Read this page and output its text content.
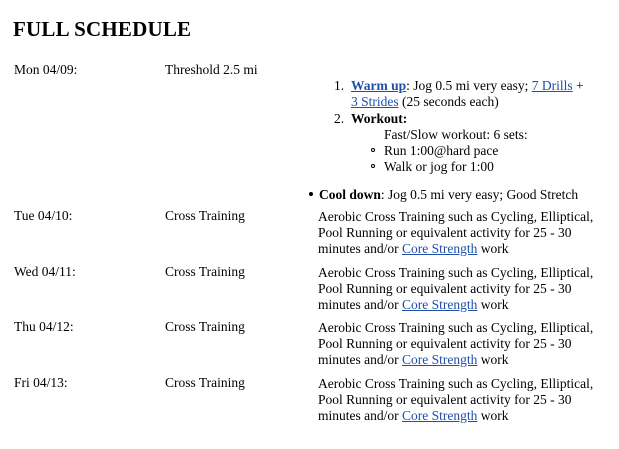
FULL SCHEDULE
Mon 04/09:	Threshold 2.5 mi
1. Warm up: Jog 0.5 mi very easy; 7 Drills +
3 Strides (25 seconds each)
2. Workout:
Fast/Slow workout: 6 sets:
Run 1:00@hard pace
Walk or jog for 1:00
Cool down: Jog 0.5 mi very easy; Good Stretch
Tue 04/10:	Cross Training	Aerobic Cross Training such as Cycling, Elliptical,
Pool Running or equivalent activity for 25 - 30
minutes and/or Core Strength work
Wed 04/11:	Cross Training	Aerobic Cross Training such as Cycling, Elliptical,
Pool Running or equivalent activity for 25 - 30
minutes and/or Core Strength work
Thu 04/12:	Cross Training	Aerobic Cross Training such as Cycling, Elliptical,
Pool Running or equivalent activity for 25 - 30
minutes and/or Core Strength work
Fri 04/13:	Cross Training	Aerobic Cross Training such as Cycling, Elliptical,
Pool Running or equivalent activity for 25 - 30
minutes and/or Core Strength work
